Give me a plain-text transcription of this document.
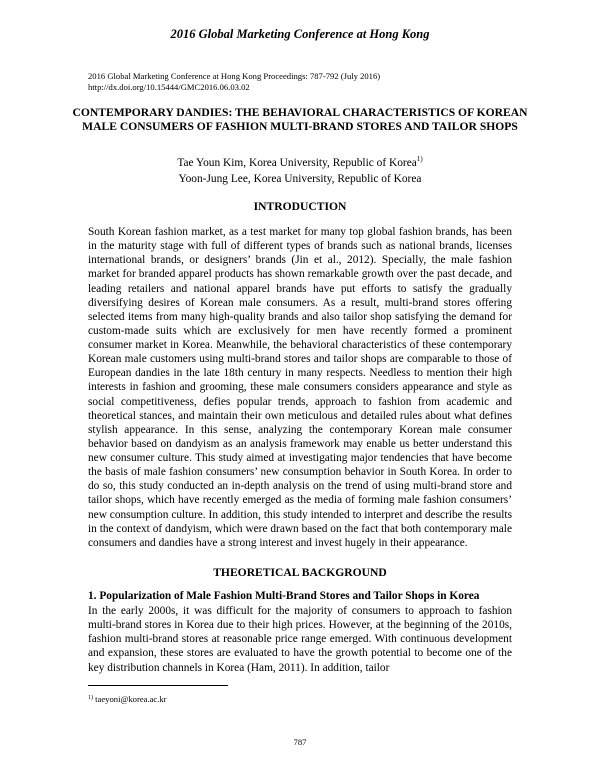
2016 Global Marketing Conference at Hong Kong
2016 Global Marketing Conference at Hong Kong Proceedings: 787-792 (July 2016)
http://dx.doi.org/10.15444/GMC2016.06.03.02
CONTEMPORARY DANDIES: THE BEHAVIORAL CHARACTERISTICS OF KOREAN MALE CONSUMERS OF FASHION MULTI-BRAND STORES AND TAILOR SHOPS
Tae Youn Kim, Korea University, Republic of Korea$^{1)}$
Yoon-Jung Lee, Korea University, Republic of Korea
INTRODUCTION
South Korean fashion market, as a test market for many top global fashion brands, has been in the maturity stage with full of different types of brands such as national brands, licenses international brands, or designers’ brands (Jin et al., 2012). Specially, the male fashion market for branded apparel products has shown remarkable growth over the past decade, and leading retailers and national apparel brands have put efforts to satisfy the gradually diversifying desires of Korean male consumers. As a result, multi-brand stores offering selected items from many high-quality brands and also tailor shop satisfying the demand for custom-made suits which are exclusively for men have recently formed a prominent consumer market in Korea. Meanwhile, the behavioral characteristics of these contemporary Korean male customers using multi-brand stores and tailor shops are comparable to those of European dandies in the late 18th century in many respects. Needless to mention their high interests in fashion and grooming, these male consumers considers appearance and style as social competitiveness, defies popular trends, approach to fashion from academic and theoretical stances, and maintain their own meticulous and detailed rules about what defines stylish appearance. In this sense, analyzing the contemporary Korean male consumer behavior based on dandyism as an analysis framework may enable us better understand this new consumer culture. This study aimed at investigating major tendencies that have become the basis of male fashion consumers’ new consumption behavior in South Korea. In order to do so, this study conducted an in-depth analysis on the trend of using multi-brand store and tailor shops, which have recently emerged as the media of forming male fashion consumers’ new consumption culture. In addition, this study intended to interpret and describe the results in the context of dandyism, which were drawn based on the fact that both contemporary male consumers and dandies have a strong interest and invest hugely in their appearance.
THEORETICAL BACKGROUND
1. Popularization of Male Fashion Multi-Brand Stores and Tailor Shops in Korea
In the early 2000s, it was difficult for the majority of consumers to approach to fashion multi-brand stores in Korea due to their high prices. However, at the beginning of the 2010s, fashion multi-brand stores at reasonable price range emerged. With continuous development and expansion, these stores are evaluated to have the growth potential to become one of the key distribution channels in Korea (Ham, 2011). In addition, tailor
$^{1)}$ taeyoni@korea.ac.kr
787
